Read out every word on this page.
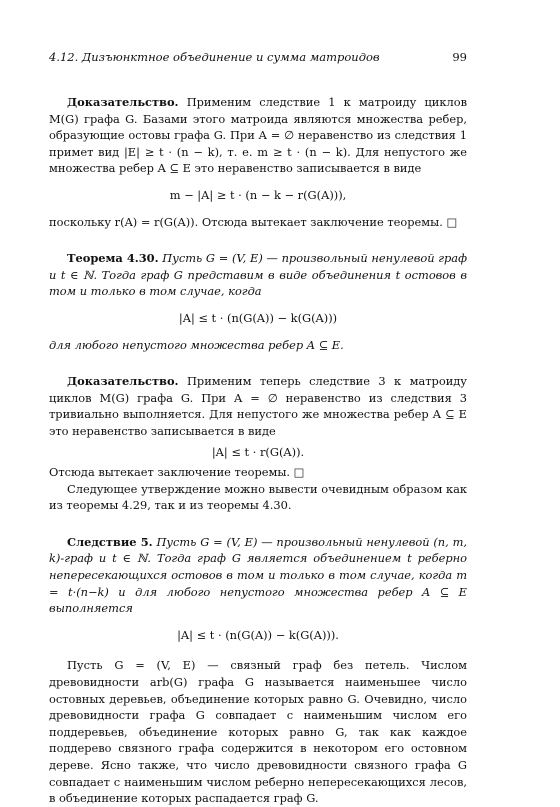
4.12. Дизъюнктное объединение и сумма матроидов	99

Доказательство. Применим следствие 1 к матроиду циклов M(G) графа G. Базами этого матроида являются множества ребер, образующие остовы графа G. При A = ∅ неравенство из следствия 1 примет вид |E| ≥ t · (n − k), т. е. m ≥ t · (n − k). Для непустого же множества ребер A ⊆ E это неравенство записывается в виде

m − |A| ≥ t · (n − k − r(G(A))),

поскольку r(A) = r(G(A)). Отсюда вытекает заключение теоремы. □

Теорема 4.30. Пусть G = (V, E) — произвольный ненулевой граф и t ∈ ℕ. Тогда граф G представим в виде объединения t остовов в том и только в том случае, когда

|A| ≤ t · (n(G(A)) − k(G(A)))

для любого непустого множества ребер A ⊆ E.

Доказательство. Применим теперь следствие 3 к матроиду циклов M(G) графа G. При A = ∅ неравенство из следствия 3 тривиально выполняется. Для непустого же множества ребер A ⊆ E это неравенство записывается в виде

|A| ≤ t · r(G(A)).

Отсюда вытекает заключение теоремы. □

Следующее утверждение можно вывести очевидным образом как из теоремы 4.29, так и из теоремы 4.30.

Следствие 5. Пусть G = (V, E) — произвольный ненулевой (n, m, k)-граф и t ∈ ℕ. Тогда граф G является объединением t реберно непересекающихся остовов в том и только в том случае, когда m = t·(n−k) и для любого непустого множества ребер A ⊆ E выполняется

|A| ≤ t · (n(G(A)) − k(G(A))).

Пусть G = (V, E) — связный граф без петель. Числом древовидности arb(G) графа G называется наименьшее число остовных деревьев, объединение которых равно G. Очевидно, число древовидности графа G совпадает с наименьшим числом его поддеревьев, объединение которых равно G, так как каждое поддерево связного графа содержится в некотором его остовном дереве. Ясно также, что число древовидности связного графа G совпадает с наименьшим числом реберно непересекающихся лесов, в объединение которых распадается граф G.
